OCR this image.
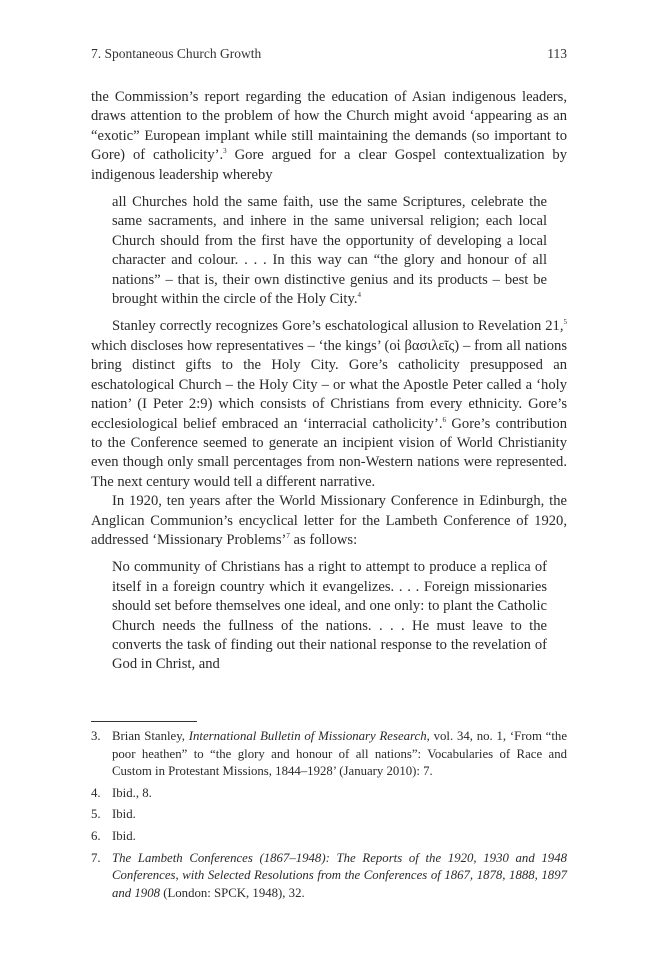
7. Spontaneous Church Growth	113

the Commission’s report regarding the education of Asian indigenous leaders, draws attention to the problem of how the Church might avoid ‘appearing as an “exotic” European implant while still maintaining the demands (so important to Gore) of catholicity’.$^3$ Gore argued for a clear Gospel contextualization by indigenous leadership whereby

all Churches hold the same faith, use the same Scriptures, celebrate the same sacraments, and inhere in the same universal religion; each local Church should from the first have the opportunity of developing a local character and colour. . . . In this way can “the glory and honour of all nations” – that is, their own distinctive genius and its products – best be brought within the circle of the Holy City.$^4$

Stanley correctly recognizes Gore’s eschatological allusion to Revelation 21,$^5$ which discloses how representatives – ‘the kings’ (οἱ βασιλεῖς) – from all nations bring distinct gifts to the Holy City. Gore’s catholicity presupposed an eschatological Church – the Holy City – or what the Apostle Peter called a ‘holy nation’ (I Peter 2:9) which consists of Christians from every ethnicity. Gore’s ecclesiological belief embraced an ‘interracial catholicity’.$^6$ Gore’s contribution to the Conference seemed to generate an incipient vision of World Christianity even though only small percentages from non-Western nations were represented. The next century would tell a different narrative.

In 1920, ten years after the World Missionary Conference in Edinburgh, the Anglican Communion’s encyclical letter for the Lambeth Conference of 1920, addressed ‘Missionary Problems’$^7$ as follows:

No community of Christians has a right to attempt to produce a replica of itself in a foreign country which it evangelizes. . . . Foreign missionaries should set before themselves one ideal, and one only: to plant the Catholic Church needs the fullness of the nations. . . . He must leave to the converts the task of finding out their national response to the revelation of God in Christ, and
3. Brian Stanley, International Bulletin of Missionary Research, vol. 34, no. 1, ‘From “the poor heathen” to “the glory and honour of all nations”: Vocabularies of Race and Custom in Protestant Missions, 1844–1928’ (January 2010): 7.
4. Ibid., 8.
5. Ibid.
6. Ibid.
7. The Lambeth Conferences (1867–1948): The Reports of the 1920, 1930 and 1948 Conferences, with Selected Resolutions from the Conferences of 1867, 1878, 1888, 1897 and 1908 (London: SPCK, 1948), 32.
